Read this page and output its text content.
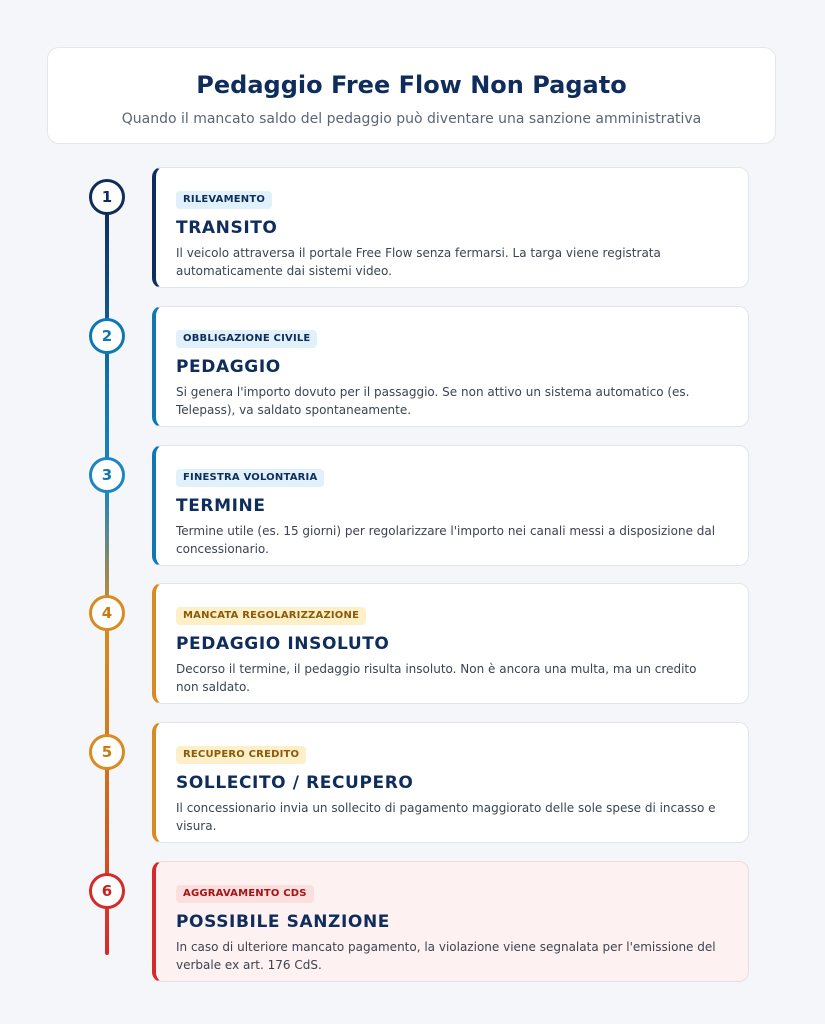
Pedaggio Free Flow Non Pagato
Quando il mancato saldo del pedaggio può diventare una sanzione amministrativa
1	RILEVAMENTO
TRANSITO
Il veicolo attraversa il portale Free Flow senza fermarsi. La targa viene registrata automaticamente dai sistemi video.
2	OBBLIGAZIONE CIVILE
PEDAGGIO
Si genera l'importo dovuto per il passaggio. Se non attivo un sistema automatico (es. Telepass), va saldato spontaneamente.
3	FINESTRA VOLONTARIA
TERMINE
Termine utile (es. 15 giorni) per regolarizzare l'importo nei canali messi a disposizione dal concessionario.
4	MANCATA REGOLARIZZAZIONE
PEDAGGIO INSOLUTO
Decorso il termine, il pedaggio risulta insoluto. Non è ancora una multa, ma un credito non saldato.
5	RECUPERO CREDITO
SOLLECITO / RECUPERO
Il concessionario invia un sollecito di pagamento maggiorato delle sole spese di incasso e visura.
6	AGGRAVAMENTO CDS
POSSIBILE SANZIONE
In caso di ulteriore mancato pagamento, la violazione viene segnalata per l'emissione del verbale ex art. 176 CdS.
